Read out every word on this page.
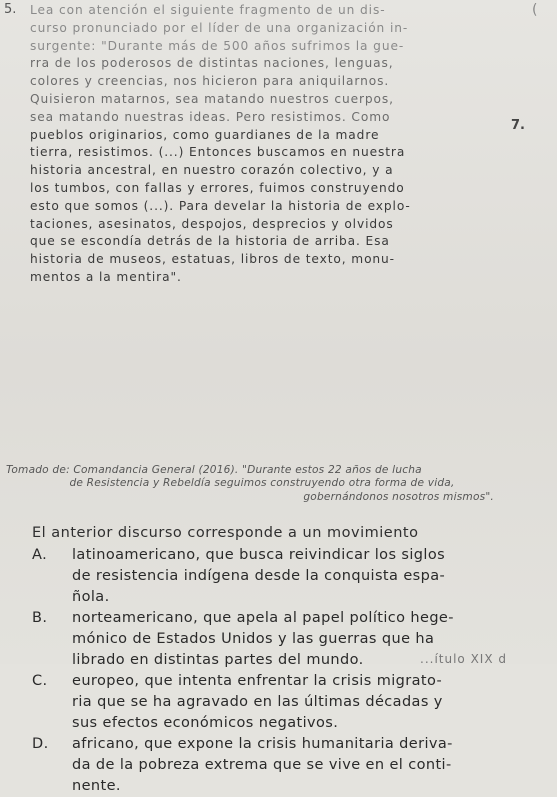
5.	(
7.
Lea con atención el siguiente fragmento de un dis-
curso pronunciado por el líder de una organización in-
surgente: "Durante más de 500 años sufrimos la gue-
rra de los poderosos de distintas naciones, lenguas,
colores y creencias, nos hicieron para aniquilarnos.
Quisieron matarnos, sea matando nuestros cuerpos,
sea matando nuestras ideas. Pero resistimos. Como
pueblos originarios, como guardianes de la madre
tierra, resistimos. (...) Entonces buscamos en nuestra
historia ancestral, en nuestro corazón colectivo, y a
los tumbos, con fallas y errores, fuimos construyendo
esto que somos (...). Para develar la historia de explo-
taciones, asesinatos, despojos, desprecios y olvidos
que se escondía detrás de la historia de arriba. Esa
historia de museos, estatuas, libros de texto, monu-
mentos a la mentira".
Tomado de: Comandancia General (2016). "Durante estos 22 años de lucha
de Resistencia y Rebeldía seguimos construyendo otra forma de vida,
gobernándonos nosotros mismos".
El anterior discurso corresponde a un movimiento
A.	latinoamericano, que busca reivindicar los siglos
de resistencia indígena desde la conquista espa-
ñola.
B.	norteamericano, que apela al papel político hege-
mónico de Estados Unidos y las guerras que ha
librado en distintas partes del mundo.
C.	europeo, que intenta enfrentar la crisis migrato-
ria que se ha agravado en las últimas décadas y
sus efectos económicos negativos.
D.	africano, que expone la crisis humanitaria deriva-
da de la pobreza extrema que se vive en el conti-
nente.
...ítulo XIX d
